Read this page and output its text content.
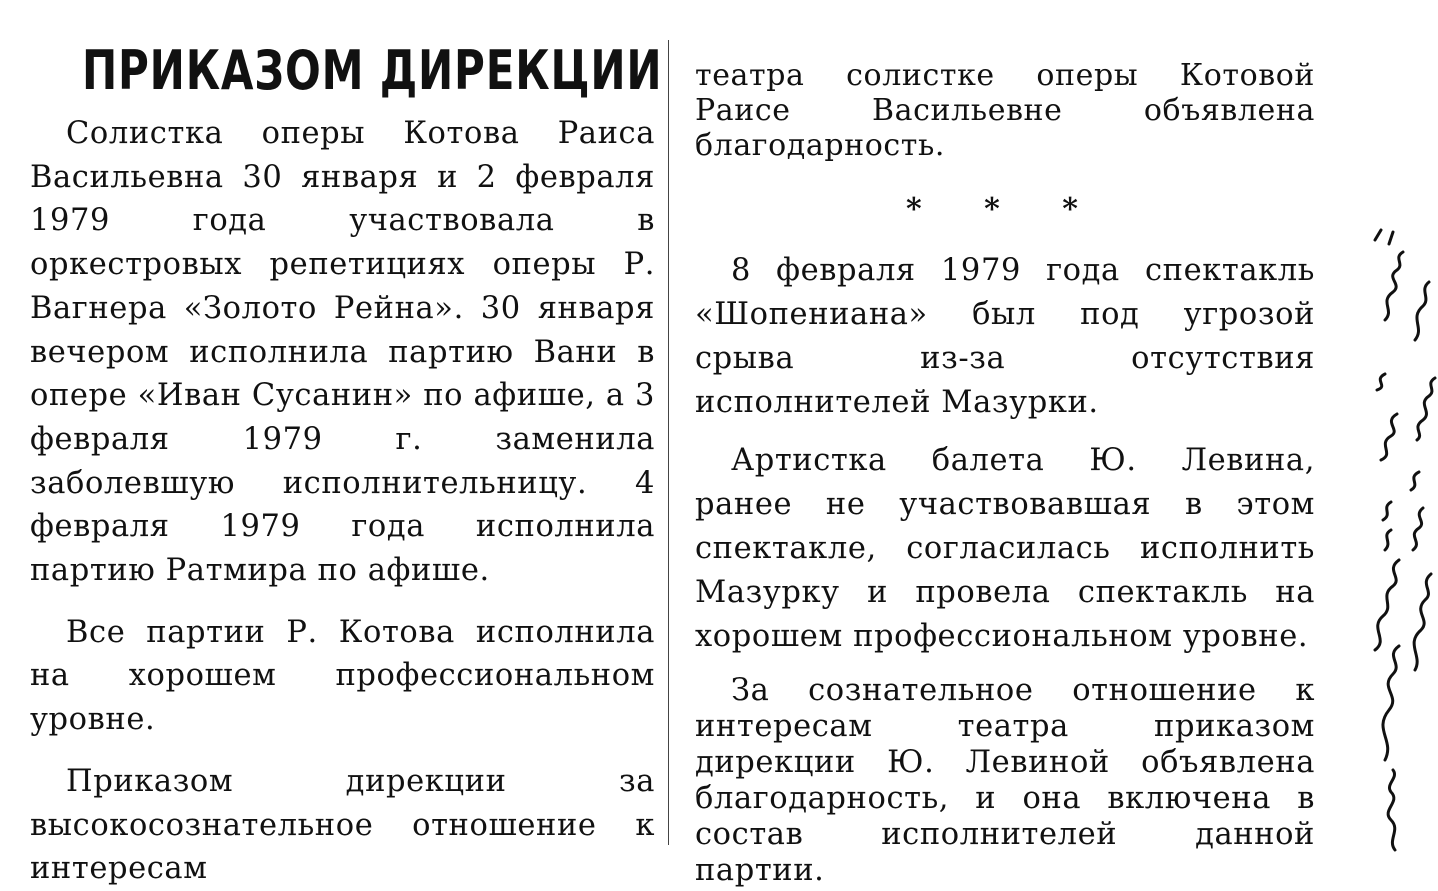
ПРИКАЗОМ ДИРЕКЦИИ

Солистка оперы Котова Раиса Васильевна 30 января и 2 февраля 1979 года участвовала в оркестровых репетициях оперы Р. Вагнера «Золото Рейна». 30 января вечером исполнила партию Вани в опере «Иван Сусанин» по афише, а 3 февраля 1979 г. заменила заболевшую исполнительницу. 4 февраля 1979 года исполнила партию Ратмира по афише.

Все партии Р. Котова исполнила на хорошем профессиональном уровне.

Приказом дирекции за высокосознательное отношение к интересам

театра солистке оперы Котовой Раисе Васильевне объявлена благодарность.

* * *

8 февраля 1979 года спектакль «Шопениана» был под угрозой срыва из-за отсутствия исполнителей Мазурки.

Артистка балета Ю. Левина, ранее не участвовавшая в этом спектакле, согласилась исполнить Мазурку и провела спектакль на хорошем профессиональном уровне.

За сознательное отношение к интересам театра приказом дирекции Ю. Левиной объявлена благодарность, и она включена в состав исполнителей данной партии.
